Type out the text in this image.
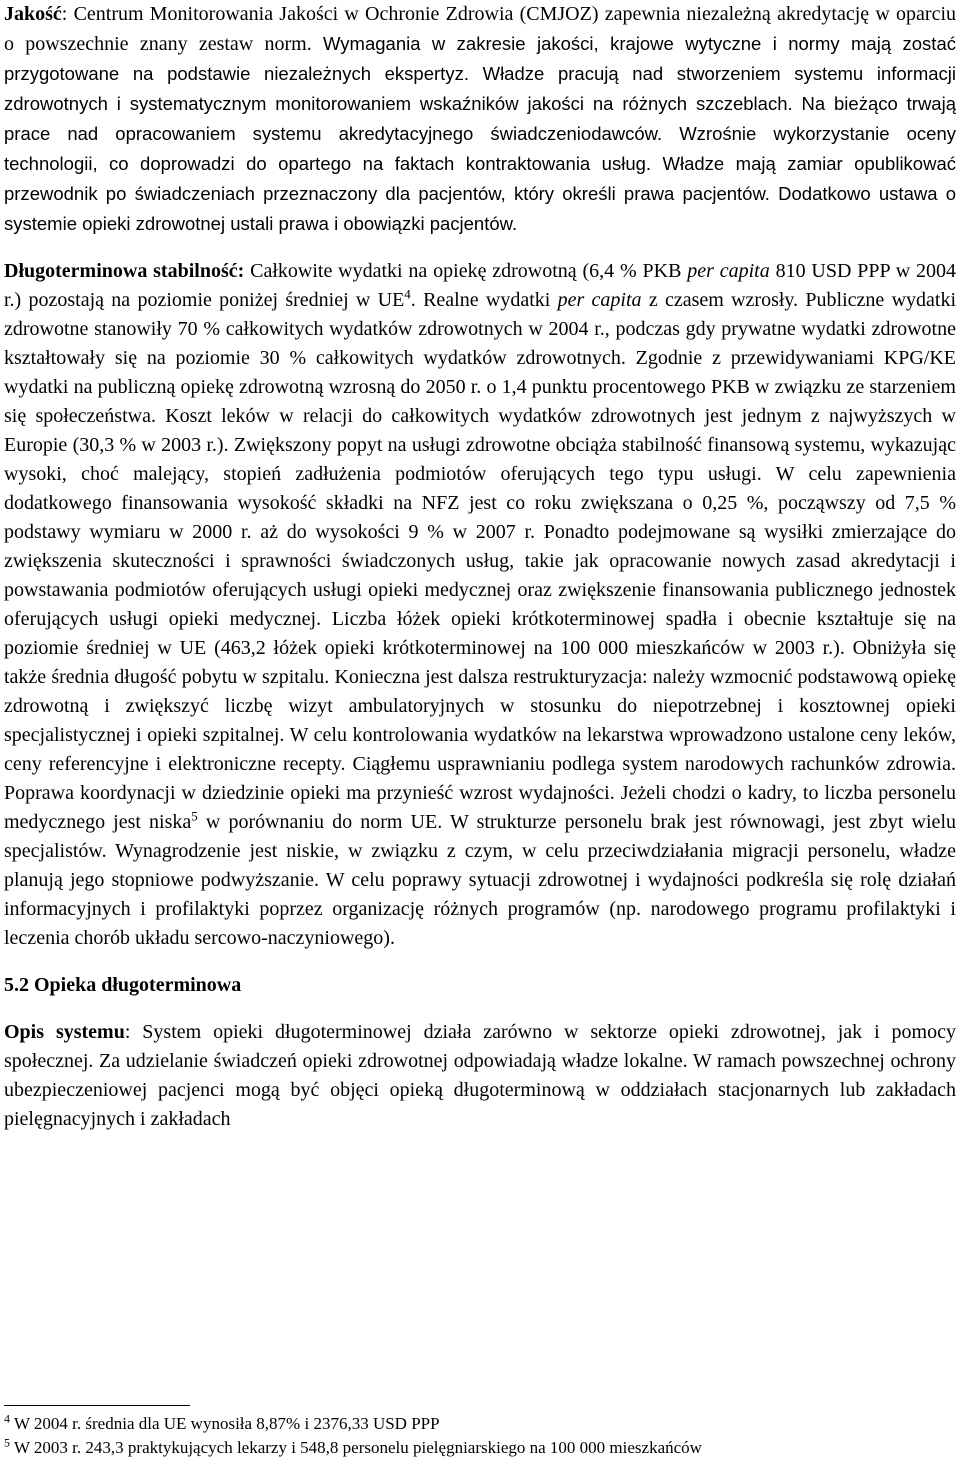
Jakość: Centrum Monitorowania Jakości w Ochronie Zdrowia (CMJOZ) zapewnia niezależną akredytację w oparciu o powszechnie znany zestaw norm. Wymagania w zakresie jakości, krajowe wytyczne i normy mają zostać przygotowane na podstawie niezależnych ekspertyz. Władze pracują nad stworzeniem systemu informacji zdrowotnych i systematycznym monitorowaniem wskaźników jakości na różnych szczeblach. Na bieżąco trwają prace nad opracowaniem systemu akredytacyjnego świadczeniodawców. Wzrośnie wykorzystanie oceny technologii, co doprowadzi do opartego na faktach kontraktowania usług. Władze mają zamiar opublikować przewodnik po świadczeniach przeznaczony dla pacjentów, który określi prawa pacjentów. Dodatkowo ustawa o systemie opieki zdrowotnej ustali prawa i obowiązki pacjentów.

Długoterminowa stabilność: Całkowite wydatki na opiekę zdrowotną (6,4 % PKB per capita 810 USD PPP w 2004 r.) pozostają na poziomie poniżej średniej w $UE^4$. Realne wydatki per capita z czasem wzrosły. Publiczne wydatki zdrowotne stanowiły 70 % całkowitych wydatków zdrowotnych w 2004 r., podczas gdy prywatne wydatki zdrowotne kształtowały się na poziomie 30 % całkowitych wydatków zdrowotnych. Zgodnie z przewidywaniami KPG/KE wydatki na publiczną opiekę zdrowotną wzrosną do 2050 r. o 1,4 punktu procentowego PKB w związku ze starzeniem się społeczeństwa. Koszt leków w relacji do całkowitych wydatków zdrowotnych jest jednym z najwyższych w Europie (30,3 % w 2003 r.). Zwiększony popyt na usługi zdrowotne obciąża stabilność finansową systemu, wykazując wysoki, choć malejący, stopień zadłużenia podmiotów oferujących tego typu usługi. W celu zapewnienia dodatkowego finansowania wysokość składki na NFZ jest co roku zwiększana o 0,25 %, począwszy od 7,5 % podstawy wymiaru w 2000 r. aż do wysokości 9 % w 2007 r. Ponadto podejmowane są wysiłki zmierzające do zwiększenia skuteczności i sprawności świadczonych usług, takie jak opracowanie nowych zasad akredytacji i powstawania podmiotów oferujących usługi opieki medycznej oraz zwiększenie finansowania publicznego jednostek oferujących usługi opieki medycznej. Liczba łóżek opieki krótkoterminowej spadła i obecnie kształtuje się na poziomie średniej w UE (463,2 łóżek opieki krótkoterminowej na 100 000 mieszkańców w 2003 r.). Obniżyła się także średnia długość pobytu w szpitalu. Konieczna jest dalsza restrukturyzacja: należy wzmocnić podstawową opiekę zdrowotną i zwiększyć liczbę wizyt ambulatoryjnych w stosunku do niepotrzebnej i kosztownej opieki specjalistycznej i opieki szpitalnej. W celu kontrolowania wydatków na lekarstwa wprowadzono ustalone ceny leków, ceny referencyjne i elektroniczne recepty. Ciągłemu usprawnianiu podlega system narodowych rachunków zdrowia. Poprawa koordynacji w dziedzinie opieki ma przynieść wzrost wydajności. Jeżeli chodzi o kadry, to liczba personelu medycznego jest niska$^5$ w porównaniu do norm UE. W strukturze personelu brak jest równowagi, jest zbyt wielu specjalistów. Wynagrodzenie jest niskie, w związku z czym, w celu przeciwdziałania migracji personelu, władze planują jego stopniowe podwyższanie. W celu poprawy sytuacji zdrowotnej i wydajności podkreśla się rolę działań informacyjnych i profilaktyki poprzez organizację różnych programów (np. narodowego programu profilaktyki i leczenia chorób układu sercowo-naczyniowego).

5.2 Opieka długoterminowa

Opis systemu: System opieki długoterminowej działa zarówno w sektorze opieki zdrowotnej, jak i pomocy społecznej. Za udzielanie świadczeń opieki zdrowotnej odpowiadają władze lokalne. W ramach powszechnej ochrony ubezpieczeniowej pacjenci mogą być objęci opieką długoterminową w oddziałach stacjonarnych lub zakładach pielęgnacyjnych i zakładach

$^4$ W 2004 r. średnia dla UE wynosiła 8,87% i 2376,33 USD PPP
$^5$ W 2003 r. 243,3 praktykujących lekarzy i 548,8 personelu pielęgniarskiego na 100 000 mieszkańców
